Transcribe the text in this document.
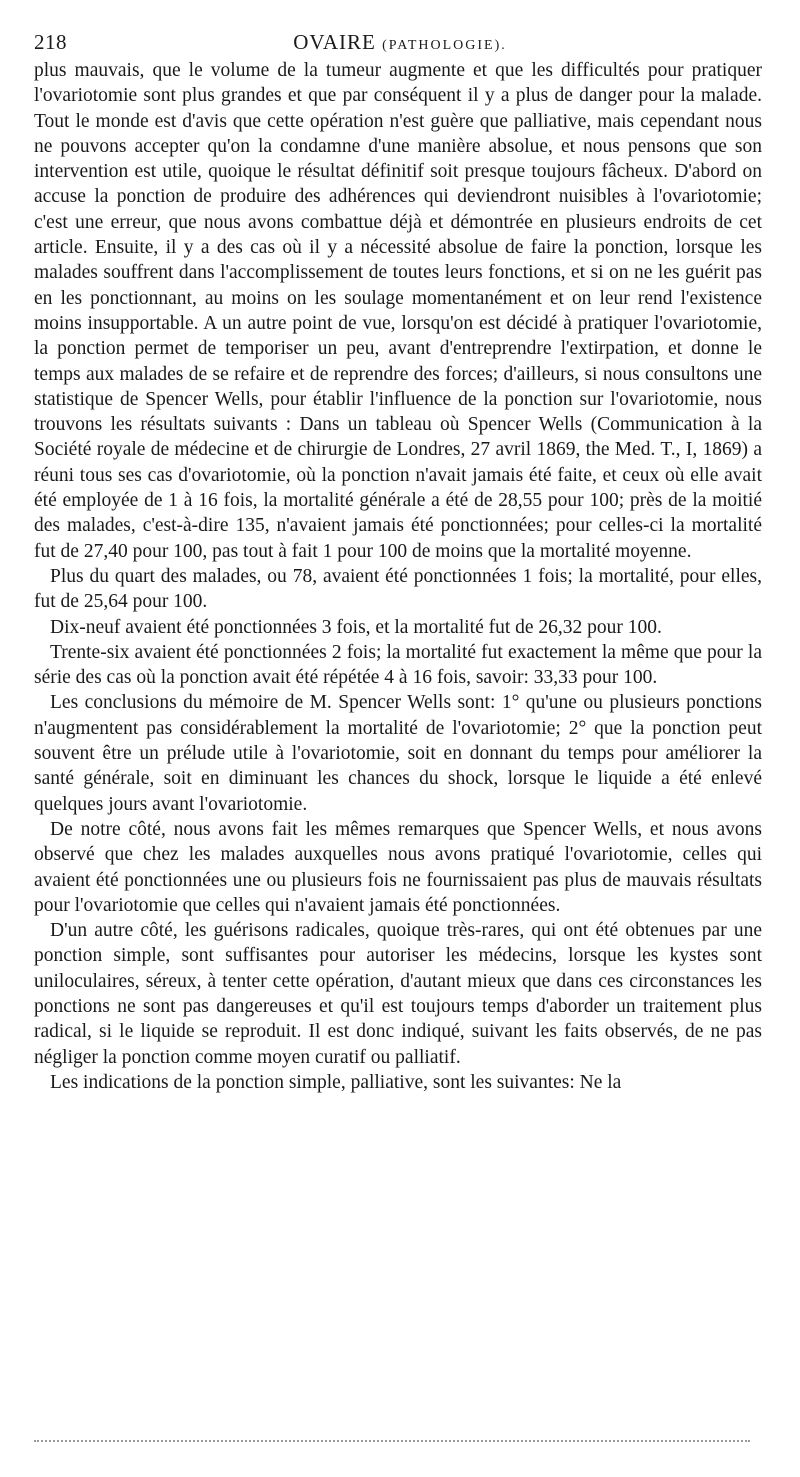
218	OVAIRE (PATHOLOGIE).

plus mauvais, que le volume de la tumeur augmente et que les difficultés pour pratiquer l'ovariotomie sont plus grandes et que par conséquent il y a plus de danger pour la malade. Tout le monde est d'avis que cette opération n'est guère que palliative, mais cependant nous ne pouvons accepter qu'on la condamne d'une manière absolue, et nous pensons que son intervention est utile, quoique le résultat définitif soit presque toujours fâcheux. D'abord on accuse la ponction de produire des adhérences qui deviendront nuisibles à l'ovariotomie; c'est une erreur, que nous avons combattue déjà et démontrée en plusieurs endroits de cet article. Ensuite, il y a des cas où il y a nécessité absolue de faire la ponction, lorsque les malades souffrent dans l'accomplissement de toutes leurs fonctions, et si on ne les guérit pas en les ponctionnant, au moins on les soulage momentanément et on leur rend l'existence moins insupportable. A un autre point de vue, lorsqu'on est décidé à pratiquer l'ovariotomie, la ponction permet de temporiser un peu, avant d'entreprendre l'extirpation, et donne le temps aux malades de se refaire et de reprendre des forces; d'ailleurs, si nous consultons une statistique de Spencer Wells, pour établir l'influence de la ponction sur l'ovariotomie, nous trouvons les résultats suivants : Dans un tableau où Spencer Wells (Communication à la Société royale de médecine et de chirurgie de Londres, 27 avril 1869, the Med. T., I, 1869) a réuni tous ses cas d'ovariotomie, où la ponction n'avait jamais été faite, et ceux où elle avait été employée de 1 à 16 fois, la mortalité générale a été de 28,55 pour 100; près de la moitié des malades, c'est-à-dire 135, n'avaient jamais été ponctionnées; pour celles-ci la mortalité fut de 27,40 pour 100, pas tout à fait 1 pour 100 de moins que la mortalité moyenne.

Plus du quart des malades, ou 78, avaient été ponctionnées 1 fois; la mortalité, pour elles, fut de 25,64 pour 100.

Dix-neuf avaient été ponctionnées 3 fois, et la mortalité fut de 26,32 pour 100.

Trente-six avaient été ponctionnées 2 fois; la mortalité fut exactement la même que pour la série des cas où la ponction avait été répétée 4 à 16 fois, savoir: 33,33 pour 100.

Les conclusions du mémoire de M. Spencer Wells sont: 1° qu'une ou plusieurs ponctions n'augmentent pas considérablement la mortalité de l'ovariotomie; 2° que la ponction peut souvent être un prélude utile à l'ovariotomie, soit en donnant du temps pour améliorer la santé générale, soit en diminuant les chances du shock, lorsque le liquide a été enlevé quelques jours avant l'ovariotomie.

De notre côté, nous avons fait les mêmes remarques que Spencer Wells, et nous avons observé que chez les malades auxquelles nous avons pratiqué l'ovariotomie, celles qui avaient été ponctionnées une ou plusieurs fois ne fournissaient pas plus de mauvais résultats pour l'ovariotomie que celles qui n'avaient jamais été ponctionnées.

D'un autre côté, les guérisons radicales, quoique très-rares, qui ont été obtenues par une ponction simple, sont suffisantes pour autoriser les médecins, lorsque les kystes sont uniloculaires, séreux, à tenter cette opération, d'autant mieux que dans ces circonstances les ponctions ne sont pas dangereuses et qu'il est toujours temps d'aborder un traitement plus radical, si le liquide se reproduit. Il est donc indiqué, suivant les faits observés, de ne pas négliger la ponction comme moyen curatif ou palliatif.

Les indications de la ponction simple, palliative, sont les suivantes: Ne la
